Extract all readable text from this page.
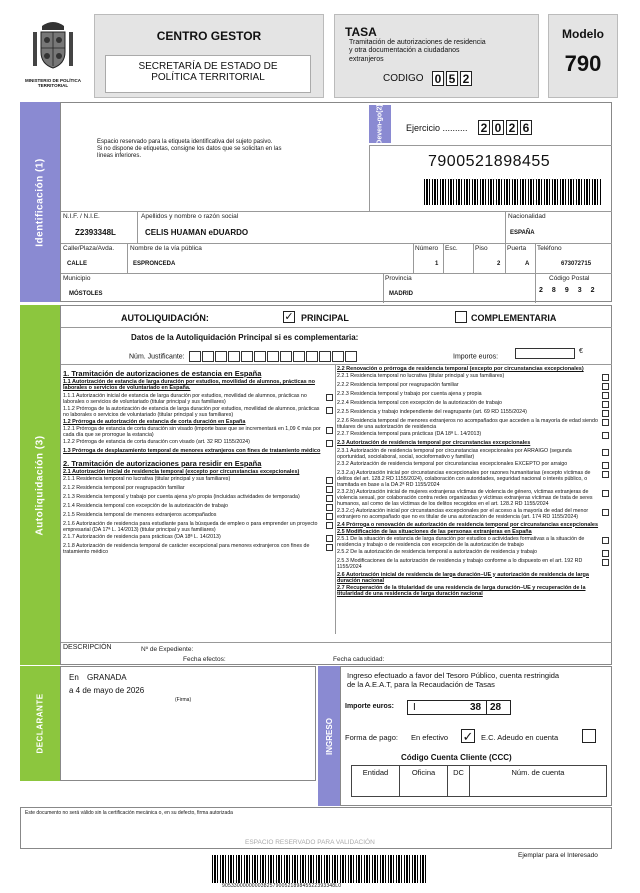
MINISTERIO DE POLÍTICA
TERRITORIAL
CENTRO GESTOR
SECRETARÍA DE ESTADO DE
POLÍTICA TERRITORIAL
TASA
Tramitación de autorizaciones de residencia
y otra documentación a ciudadanos
extranjeros
CODIGO 0 5 2
Modelo
790
Identificación (1)
Espacio reservado para la etiqueta identificativa del sujeto pasivo.
Si no dispone de etiquetas, consigne los datos que se solicitan en las
líneas inferiores.
Deven-go(2) Ejercicio .......... 2 0 2 6
7900521898455
N.I.F. / N.I.E.
Z2393348L
Apellidos y nombre o razón social
CELIS HUAMAN eDUARDO
Nacionalidad
ESPAÑA
Calle/Plaza/Avda.
CALLE
Nombre de la vía pública
ESPRONCEDA
Número
1
Esc.	Piso
2
Puerta
A
Teléfono
673072715
Municipio
MÓSTOLES
Provincia
MADRID
Código Postal
28932
Autoliquidación (3)
AUTOLIQUIDACIÓN:	✓ PRINCIPAL	COMPLEMENTARIA
Datos de la Autoliquidación Principal si es complementaria:
Núm. Justificante:	Importe euros:
€
1. Tramitación de autorizaciones de estancia en España
1.1 Autorización de estancia de larga duración por estudios, movilidad de alumnos, prácticas no laborales o servicios de voluntariado en España.
1.1.1 Autorización inicial de estancia de larga duración por estudios, movilidad de alumnos, prácticas no laborales o servicios de voluntariado (titular principal y sus familiares)
1.1.2 Prórroga de la autorización de estancia de larga duración por estudios, movilidad de alumnos, prácticas no laborales o servicios de voluntariado (titular principal y sus familiares)
1.2 Prórroga de autorización de estancia de corta duración en España
1.2.1 Prórroga de estancia de corta duración sin visado (importe base que se incrementará en 1,09 € más por cada día que se prorrogue la estancia)
1.2.2 Prórroga de estancia de corta duración con visado (art. 32 RD 1155/2024)
1.3 Prórroga de desplazamiento temporal de menores extranjeros con fines de tratamiento médico
2. Tramitación de autorizaciones para residir en España
2.1 Autorización inicial de residencia temporal (excepto por circunstancias excepcionales)
2.1.1 Residencia temporal no lucrativa (titular principal y sus familiares)
2.1.2 Residencia temporal por reagrupación familiar
2.1.3 Residencia temporal y trabajo por cuenta ajena y/o propia (incluidas actividades de temporada)
2.1.4 Residencia temporal con excepción de la autorización de trabajo
2.1.5 Residencia temporal de menores extranjeros acompañados
2.1.6 Autorización de residencia para estudiante para la búsqueda de empleo o para emprender un proyecto empresarial (DA 17ª L. 14/2013) (titular principal y sus familiares)
2.1.7 Autorización de residencia para prácticas (DA 18ª L. 14/2013)
2.1.8 Autorización de residencia temporal de carácter excepcional para menores extranjeros con fines de tratamiento médico
2.2 Renovación o prórroga de residencia temporal (excepto por circunstancias excepcionales)
2.2.1 Residencia temporal no lucrativa (titular principal y sus familiares)
2.2.2 Residencia temporal por reagrupación familiar
2.2.3 Residencia temporal y trabajo por cuenta ajena y propia
2.2.4 Residencia temporal con excepción de la autorización de trabajo
2.2.5 Residencia y trabajo independiente del reagrupante (art. 69 RD 1155/2024)
2.2.6 Residencia temporal de menores extranjeros no acompañados que acceden a la mayoría de edad siendo titulares de una autorización de residencia
2.2.7 Residencia temporal para prácticas (DA 18ª L. 14/2013)
2.3 Autorización de residencia temporal por circunstancias excepcionales
2.3.1 Autorización de residencia temporal por circunstancias excepcionales por ARRAIGO (segunda oportunidad, sociolaboral, social, socioformativo y familiar)
2.3.2 Autorización de residencia temporal por circunstancias excepcionales EXCEPTO por arraigo
2.3.2.a) Autorización inicial por circunstancias excepcionales por razones humanitarias (excepto víctimas de delitos del art. 128.2 RD 1155/2024), colaboración con autoridades, seguridad nacional o interés público, o tramitada en base a la DA 2ª RD 1155/2024
2.3.2.b) Autorización inicial de mujeres extranjeras víctimas de violencia de género, víctimas extranjeras de violencia sexual, por colaboración contra redes organizadas y víctimas extranjeras víctimas de trata de seres humanos, así como de las víctimas de los delitos recogidos en el art. 128.2 RD 1155/2024
2.3.2.c) Autorización inicial por circunstancias excepcionales por el acceso a la mayoría de edad del menor extranjero no acompañado que no es titular de una autorización de residencia (art. 174 RD 1155/2024)
2.4 Prórroga o renovación de autorización de residencia temporal por circunstancias excepcionales
2.5 Modificación de las situaciones de las personas extranjeras en España
2.5.1 De la situación de estancia de larga duración por estudios o actividades formativas a la situación de residencia y trabajo o de residencia con excepción de la autorización de trabajo
2.5.2 De la autorización de residencia temporal a autorización de residencia y trabajo
2.5.3 Modificaciones de la autorización de residencia y trabajo conforme a lo dispuesto en el art. 192 RD 1155/2024
2.6 Autorización inicial de residencia de larga duración–UE y autorización de residencia de larga duración nacional
2.7 Recuperación de la titularidad de una residencia de larga duración–UE y recuperación de la titularidad de una residencia de larga duración nacional
DESCRIPCIÓN	Nº de Expediente:
Fecha efectos:	Fecha caducidad:
DECLARANTE
En GRANADA
a 4 de mayo de 2026
(Firma)
INGRESO
Ingreso efectuado a favor del Tesoro Público, cuenta restringida
de la A.E.A.T, para la Recaudación de Tasas
Importe euros: I	38 28
Forma de pago: En efectivo ✓ E.C. Adeudo en cuenta
Código Cuenta Cliente (CCC)
Entidad	Oficina	DC	Núm. de cuenta
Este documento no será válido sin la certificación mecánica o, en su defecto, firma autorizada
ESPACIO RESERVADO PARA VALIDACIÓN
90533000000003825790052189845522393348L0
Ejemplar para el Interesado
